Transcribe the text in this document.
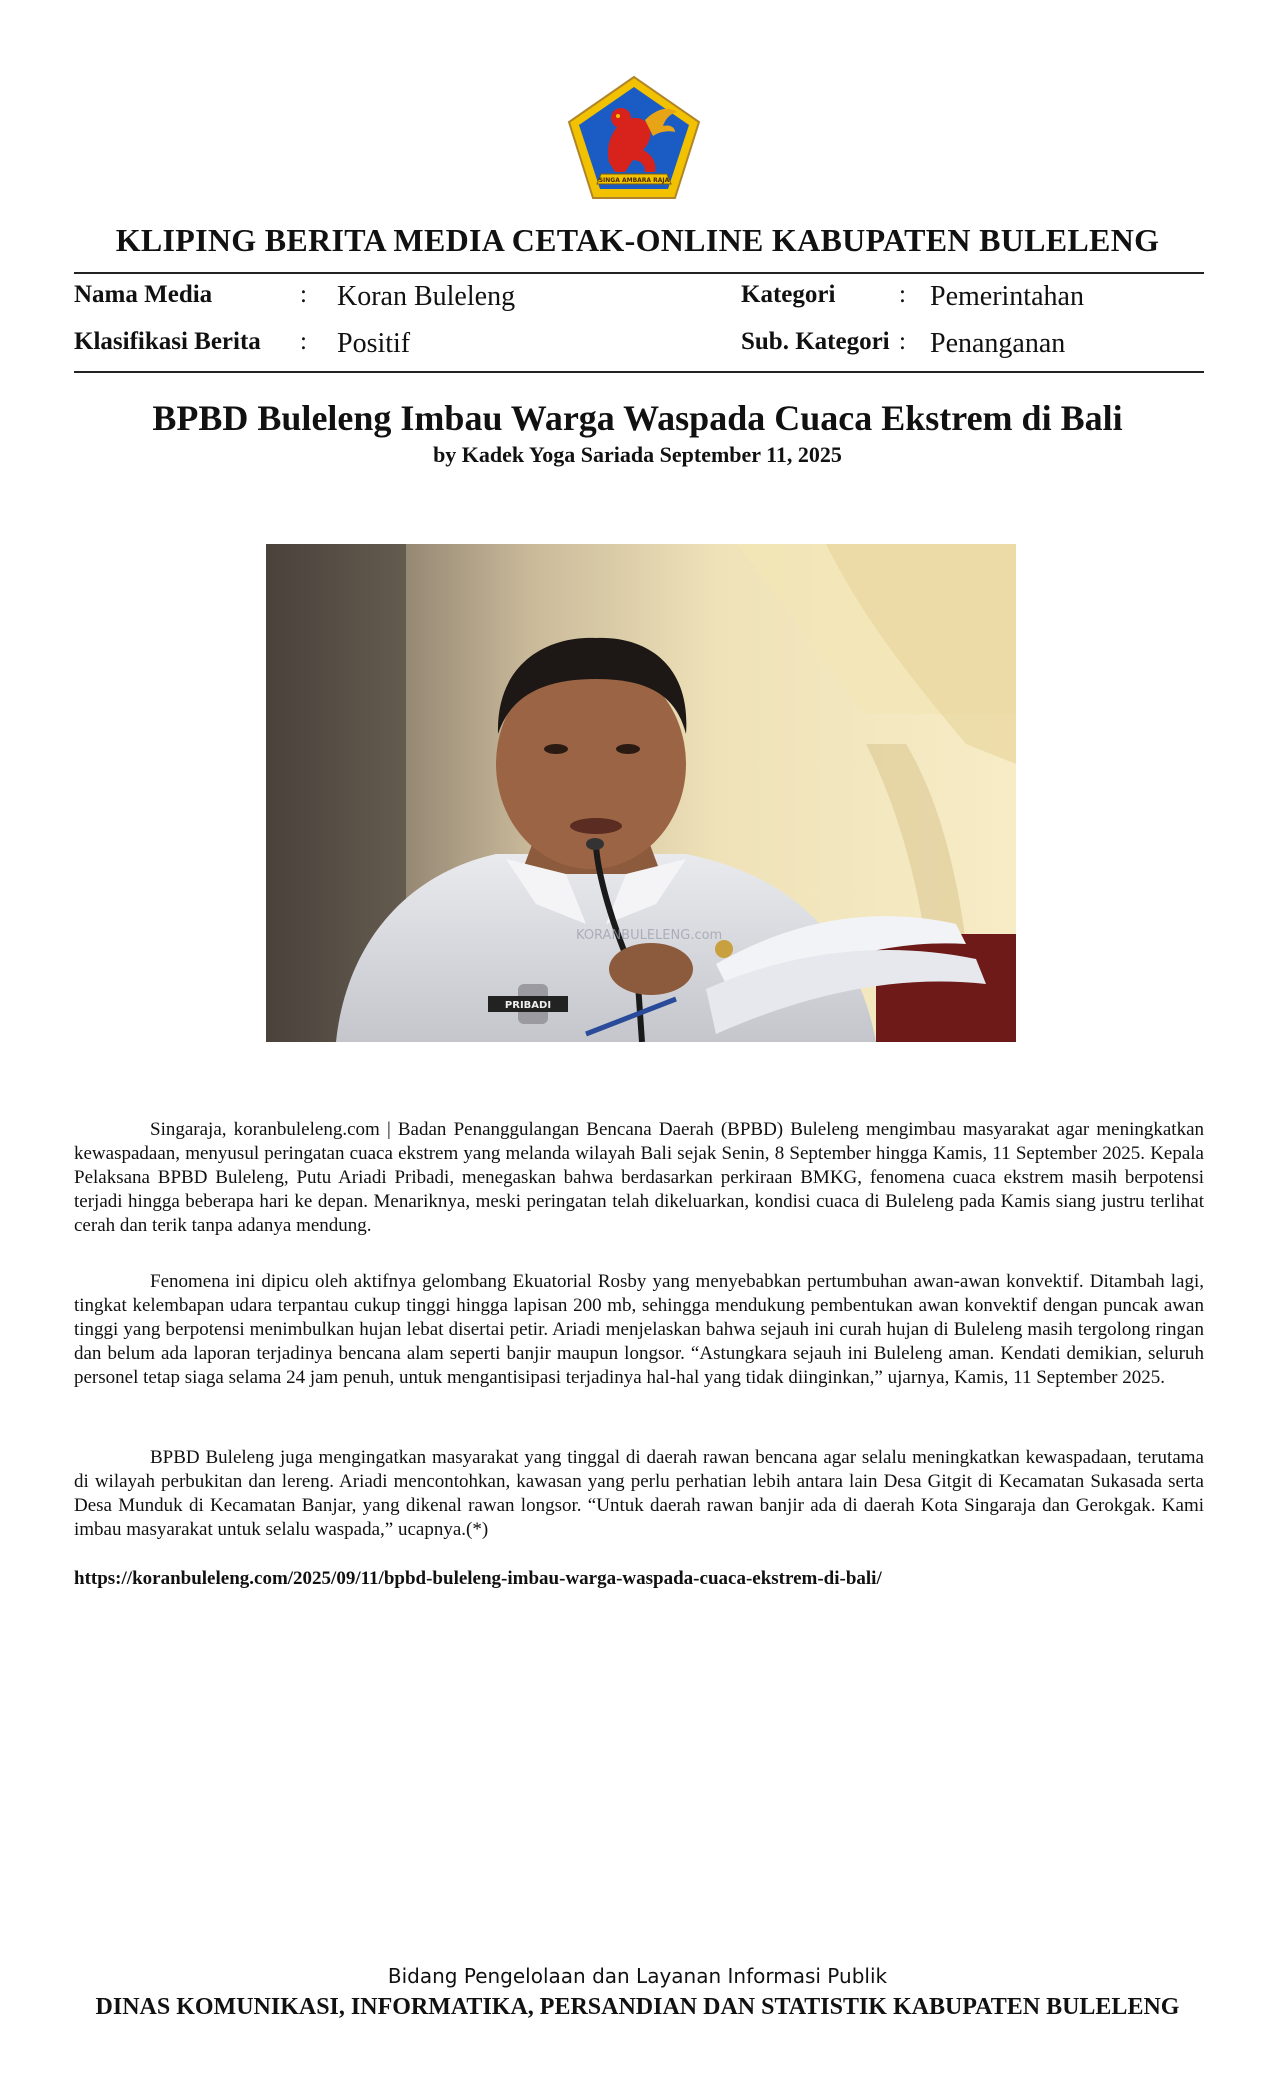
SINGA AMBARA RAJA
KLIPING BERITA MEDIA CETAK-ONLINE KABUPATEN BULELENG
Nama Media	: Koran Buleleng
Klasifikasi Berita : Positif
Kategori	: Pemerintahan
Sub. Kategori : Penanganan
BPBD Buleleng Imbau Warga Waspada Cuaca Ekstrem di Bali
by Kadek Yoga Sariada September 11, 2025
PRIBADI
KORANBULELENG.com
Singaraja, koranbuleleng.com | Badan Penanggulangan Bencana Daerah (BPBD) Buleleng mengimbau masyarakat agar meningkatkan kewaspadaan, menyusul peringatan cuaca ekstrem yang melanda wilayah Bali sejak Senin, 8 September hingga Kamis, 11 September 2025. Kepala Pelaksana BPBD Buleleng, Putu Ariadi Pribadi, menegaskan bahwa berdasarkan perkiraan BMKG, fenomena cuaca ekstrem masih berpotensi terjadi hingga beberapa hari ke depan. Menariknya, meski peringatan telah dikeluarkan, kondisi cuaca di Buleleng pada Kamis siang justru terlihat cerah dan terik tanpa adanya mendung.
Fenomena ini dipicu oleh aktifnya gelombang Ekuatorial Rosby yang menyebabkan pertumbuhan awan-awan konvektif. Ditambah lagi, tingkat kelembapan udara terpantau cukup tinggi hingga lapisan 200 mb, sehingga mendukung pembentukan awan konvektif dengan puncak awan tinggi yang berpotensi menimbulkan hujan lebat disertai petir. Ariadi menjelaskan bahwa sejauh ini curah hujan di Buleleng masih tergolong ringan dan belum ada laporan terjadinya bencana alam seperti banjir maupun longsor. “Astungkara sejauh ini Buleleng aman. Kendati demikian, seluruh personel tetap siaga selama 24 jam penuh, untuk mengantisipasi terjadinya hal-hal yang tidak diinginkan,” ujarnya, Kamis, 11 September 2025.
BPBD Buleleng juga mengingatkan masyarakat yang tinggal di daerah rawan bencana agar selalu meningkatkan kewaspadaan, terutama di wilayah perbukitan dan lereng. Ariadi mencontohkan, kawasan yang perlu perhatian lebih antara lain Desa Gitgit di Kecamatan Sukasada serta Desa Munduk di Kecamatan Banjar, yang dikenal rawan longsor. “Untuk daerah rawan banjir ada di daerah Kota Singaraja dan Gerokgak. Kami imbau masyarakat untuk selalu waspada,” ucapnya.(*)
https://koranbuleleng.com/2025/09/11/bpbd-buleleng-imbau-warga-waspada-cuaca-ekstrem-di-bali/
Bidang Pengelolaan dan Layanan Informasi Publik
DINAS KOMUNIKASI, INFORMATIKA, PERSANDIAN DAN STATISTIK KABUPATEN BULELENG
